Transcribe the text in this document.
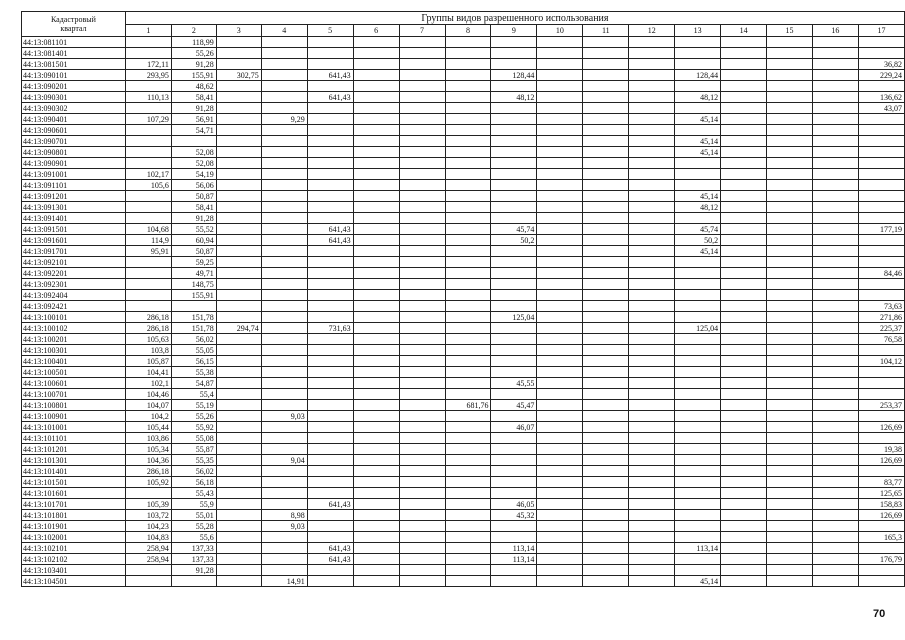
Кадастровый
квартал	Группы видов разрешенного использования																
	1	2	3	4	5	6	7	8	9	10	11	12	13	14	15	16	17
44:13:081101		118,99															
44:13:081401		55,26															
44:13:081501	172,11	91,28															36,82
44:13:090101	293,95	155,91	302,75		641,43				128,44				128,44				229,24
44:13:090201		48,62															
44:13:090301	110,13	58,41			641,43				48,12				48,12				136,62
44:13:090302		91,28															43,07
44:13:090401	107,29	56,91		9,29									45,14				
44:13:090601		54,71															
44:13:090701													45,14				
44:13:090801		52,08											45,14				
44:13:090901		52,08															
44:13:091001	102,17	54,19															
44:13:091101	105,6	56,06															
44:13:091201		50,87											45,14				
44:13:091301		58,41											48,12				
44:13:091401		91,28															
44:13:091501	104,68	55,52			641,43				45,74				45,74				177,19
44:13:091601	114,9	60,94			641,43				50,2				50,2				
44:13:091701	95,91	50,87											45,14				
44:13:092101		59,25															
44:13:092201		49,71															84,46
44:13:092301		148,75															
44:13:092404		155,91															
44:13:092421																	73,63
44:13:100101	286,18	151,78							125,04								271,86
44:13:100102	286,18	151,78	294,74		731,63								125,04				225,37
44:13:100201	105,63	56,02															76,58
44:13:100301	103,8	55,05															
44:13:100401	105,87	56,15															104,12
44:13:100501	104,41	55,38															
44:13:100601	102,1	54,87							45,55								
44:13:100701	104,46	55,4															
44:13:100801	104,07	55,19						681,76	45,47								253,37
44:13:100901	104,2	55,26		9,03													
44:13:101001	105,44	55,92							46,07								126,69
44:13:101101	103,86	55,08															
44:13:101201	105,34	55,87															19,38
44:13:101301	104,36	55,35		9,04													126,69
44:13:101401	286,18	56,02															
44:13:101501	105,92	56,18															83,77
44:13:101601		55,43															125,65
44:13:101701	105,39	55,9			641,43				46,05								158,83
44:13:101801	103,72	55,01		8,98					45,32								126,69
44:13:101901	104,23	55,28		9,03													
44:13:102001	104,83	55,6															165,3
44:13:102101	258,94	137,33			641,43				113,14				113,14				
44:13:102102	258,94	137,33			641,43				113,14								176,79
44:13:103401		91,28															
44:13:104501				14,91									45,14				
70
